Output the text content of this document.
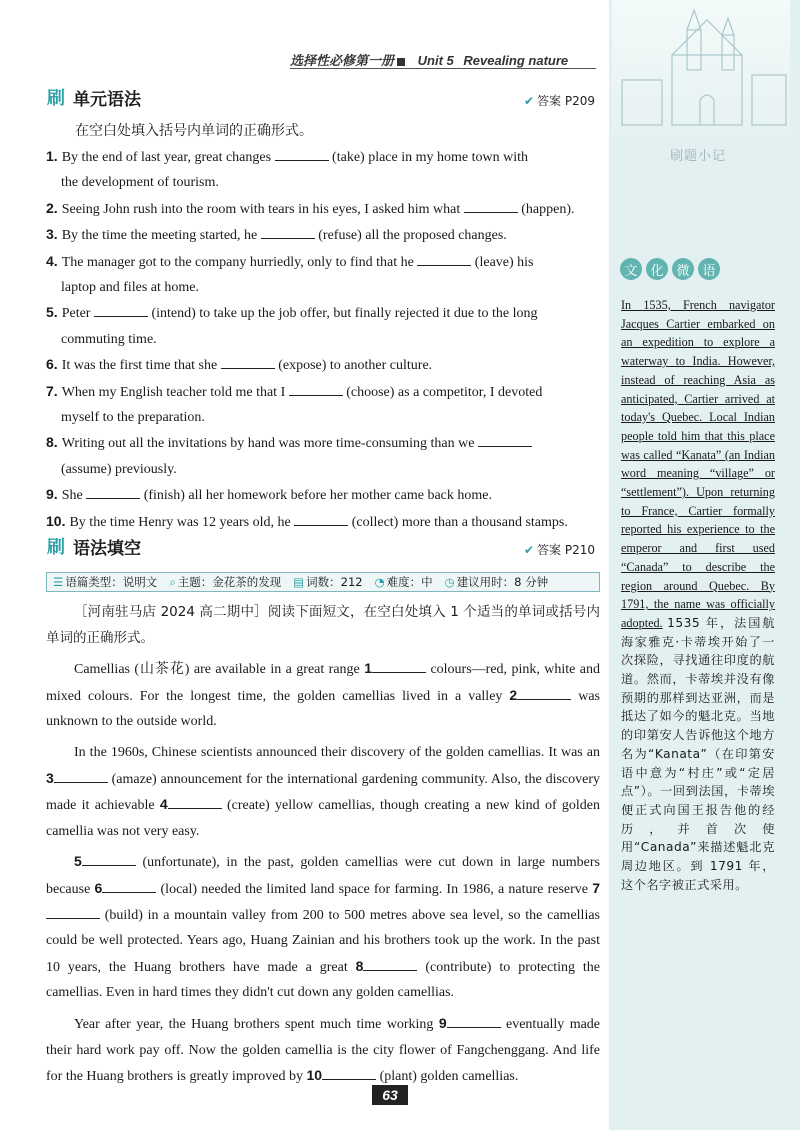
选择性必修第一册 Unit 5 Revealing nature
刷题小记
文 化 微 语
In 1535, French navigator Jacques Cartier embarked on an expedition to explore a waterway to India. However, instead of reaching Asia as anticipated, Cartier arrived at today's Quebec. Local Indian people told him that this place was called “Kanata” (an Indian word meaning “village” or “settlement”). Upon returning to France, Cartier formally reported his experience to the emperor and first used “Canada” to describe the region around Quebec. By 1791, the name was officially adopted. 1535 年，法国航海家雅克·卡蒂埃开始了一次探险，寻找通往印度的航道。然而，卡蒂埃并没有像预期的那样到达亚洲，而是抵达了如今的魁北克。当地的印第安人告诉他这个地方名为“Kanata”（在印第安语中意为“村庄”或“定居点”）。一回到法国，卡蒂埃便正式向国王报告他的经历，并首次使用“Canada”来描述魁北克周边地区。到 1791 年，这个名字被正式采用。
刷 单元语法	✔ 答案 P209
在空白处填入括号内单词的正确形式。

1. By the end of last year, great changes	(take) place in my home town with
the development of tourism.

2. Seeing John rush into the room with tears in his eyes, I asked him what	(happen).

3. By the time the meeting started, he	(refuse) all the proposed changes.

4. The manager got to the company hurriedly, only to find that he	(leave) his
laptop and files at home.

5. Peter	(intend) to take up the job offer, but finally rejected it due to the long
commuting time.

6. It was the first time that she	(expose) to another culture.

7. When my English teacher told me that I	(choose) as a competitor, I devoted
myself to the preparation.

8. Writing out all the invitations by hand was more time-consuming than we
(assume) previously.

9. She	(finish) all her homework before her mother came back home.

10. By the time Henry was 12 years old, he	(collect) more than a thousand stamps.

刷 语法填空	✔ 答案 P210
☰ 语篇类型：说明文 ⌕ 主题：金花茶的发现 ▤ 词数：212 ◔ 难度：中 ◷ 建议用时：8 分钟

［河南驻马店 2024 高二期中］阅读下面短文，在空白处填入 1 个适当的单词或括号内单词的正确形式。

Camellias (山茶花) are available in a great range 1	colours—red, pink, white and mixed colours. For the longest time, the golden camellias lived in a valley 2	was unknown to the outside world.

In the 1960s, Chinese scientists announced their discovery of the golden camellias. It was an 3	(amaze) announcement for the international gardening community. Also, the discovery made it achievable 4	(create) yellow camellias, though creating a new kind of golden camellia was not very easy.

5	(unfortunate), in the past, golden camellias were cut down in large numbers because 6	(local) needed the limited land space for farming. In 1986, a nature reserve 7 (build) in a mountain valley from 200 to 500 metres above sea level, so the camellias could be well protected. Years ago, Huang Zainian and his brothers took up the work. In the past 10 years, the Huang brothers have made a great 8	(contribute) to protecting the camellias. Even in hard times they didn't cut down any golden camellias.

Year after year, the Huang brothers spent much time working 9	eventually made their hard work pay off. Now the golden camellia is the city flower of Fangchenggang. And life for the Huang brothers is greatly improved by 10	(plant) golden camellias.

63
